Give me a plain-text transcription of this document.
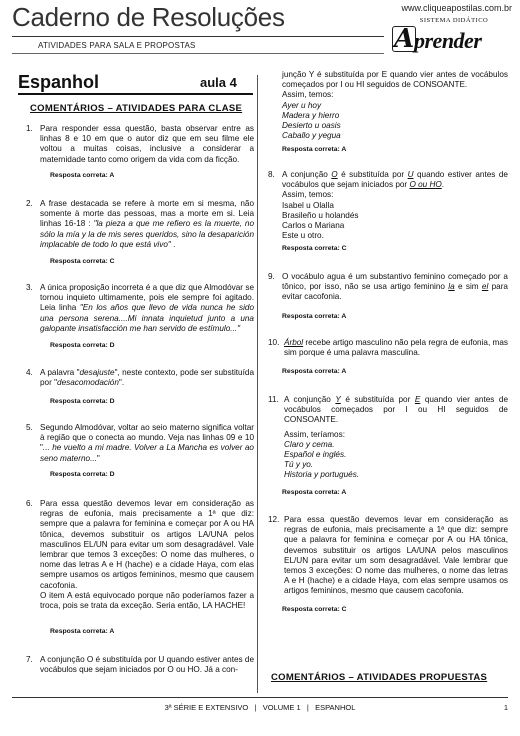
www.cliqueapostilas.com.br
Caderno de Resoluções
ATIVIDADES PARA SALA E PROPOSTAS
SISTEMA DIDÁTICO
A prender
Espanhol	aula 4
COMENTÁRIOS – ATIVIDADES PARA CLASE
1. Para responder essa questão, basta observar entre as linhas 8 e 10 em que o autor diz que em seu filme ele voltou a muitas coisas, inclusive a considerar a maternidade tanto como origem da vida com da ficção.
Resposta correta: A
2. A frase destacada se refere à morte em si mesma, não somente à morte das pessoas, mas a morte em si. Leia linhas 16-18 : "la pieza a que me refiero es la muerte, no sólo la mía y la de mis seres queridos, sino la desaparición implacable de todo lo que está vivo" .
Resposta correta: C
3. A única proposição incorreta é a que diz que Almodóvar se tornou inquieto ultimamente, pois ele sempre foi agitado. Leia linha "En los años que llevo de vida nunca he sido una persona serena....Mi innata inquietud junto a una galopante insatisfacción me han servido de estímulo..."
Resposta correta: D
4. A palavra "desajuste", neste contexto, pode ser substituída por "desacomodación".
Resposta correta: D
5. Segundo Almodóvar, voltar ao seio materno significa voltar à região que o conecta ao mundo. Veja nas linhas 09 e 10 "... he vuelto a mi madre. Volver a La Mancha es volver ao seno materno..."
Resposta correta: D
6. Para essa questão devemos levar em consideração as regras de eufonia, mais precisamente a 1ª que diz: sempre que a palavra for feminina e começar por A ou HA tônica, devemos substituir os artigos LA/UNA pelos masculinos EL/UN para evitar um som desagradável. Vale lembrar que temos 3 exceções: O nome das mulheres, o nome das letras A e H (hache) e a cidade Haya, com elas sempre usamos os artigos femininos, mesmo que causem cacofonia.
O item A está equivocado porque não poderíamos fazer a troca, pois se trata da exceção. Seria então, LA HACHE!
Resposta correta: A
7. A conjunção O é substituída por U quando estiver antes de vocábulos que sejam iniciados por O ou HO. Já a con-
junção Y é substituída por E quando vier antes de vocábulos começados por I ou HI seguidos de CONSOANTE.
Assim, temos:
Ayer u hoy
Madera y hierro
Desierto u oasis
Caballo y yegua
Resposta correta: A
8. A conjunção O é substituída por U quando estiver antes de vocábulos que sejam iniciados por O ou HO.
Assim, temos:
Isabel u Olalla
Brasileño u holandés
Carlos o Mariana
Este u otro.
Resposta correta: C
9. O vocábulo agua é um substantivo feminino começado por a tônico, por isso, não se usa artigo feminino la e sim el para evitar cacofonia.
Resposta correta: A
10. Árbol recebe artigo masculino não pela regra de eufonia, mas sim porque é uma palavra masculina.
Resposta correta: A
11. A conjunção Y é substituída por E quando vier antes de vocábulos começados por I ou HI seguidos de CONSOANTE.
Assim, teríamos:
Claro y cema.
Español e inglés.
Tú y yo.
Historia y portugués.
Resposta correta: A
12. Para essa questão devemos levar em consideração as regras de eufonia, mais precisamente a 1ª que diz: sempre que a palavra for feminina e começar por A ou HA tônica, devemos substituir os artigos LA/UNA pelos masculinos EL/UN para evitar um som desagradável. Vale lembrar que temos 3 exceções: O nome das mulheres, o nome das letras A e H (hache) e a cidade Haya, com elas sempre usamos os artigos femininos, mesmo que causem cacofonia.
Resposta correta: C
COMENTÁRIOS – ATIVIDADES PROPUESTAS
3ª SÉRIE E EXTENSIVO   |   VOLUME 1   |   ESPANHOL	1
